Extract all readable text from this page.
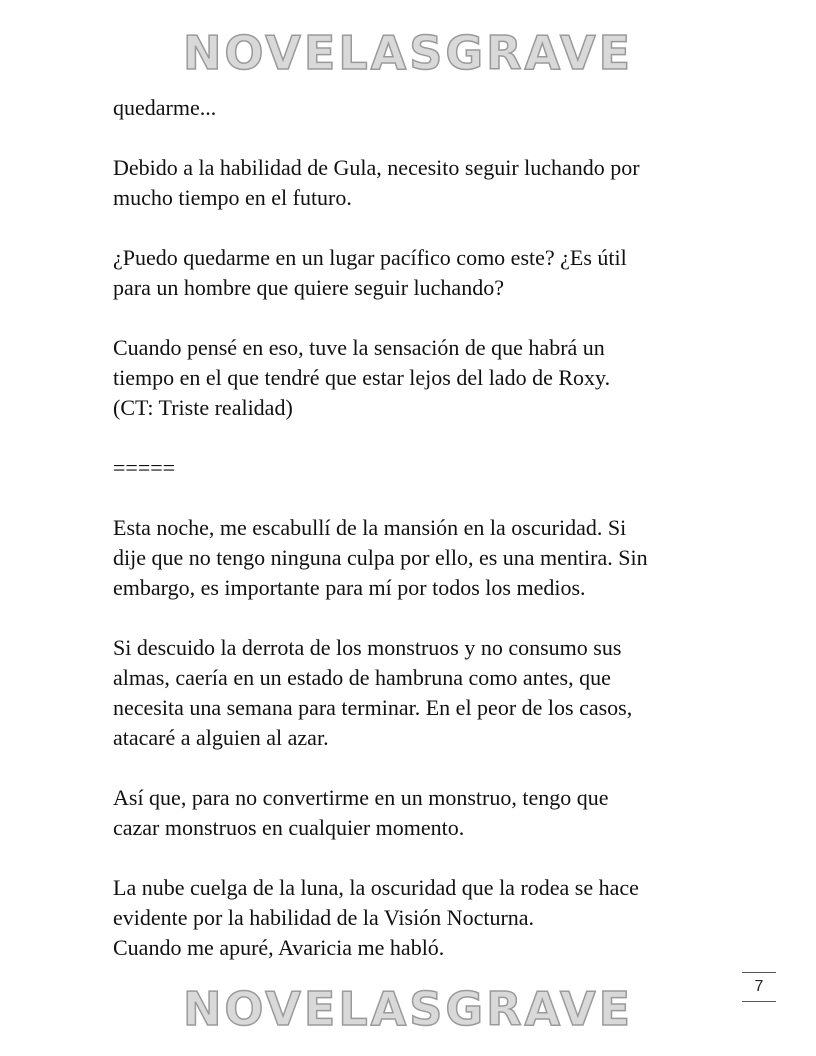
NOVELASGRAVE

quedarme...

Debido a la habilidad de Gula, necesito seguir luchando por
mucho tiempo en el futuro.

¿Puedo quedarme en un lugar pacífico como este? ¿Es útil
para un hombre que quiere seguir luchando?

Cuando pensé en eso, tuve la sensación de que habrá un
tiempo en el que tendré que estar lejos del lado de Roxy.
(CT: Triste realidad)

=====

Esta noche, me escabullí de la mansión en la oscuridad. Si
dije que no tengo ninguna culpa por ello, es una mentira. Sin
embargo, es importante para mí por todos los medios.

Si descuido la derrota de los monstruos y no consumo sus
almas, caería en un estado de hambruna como antes, que
necesita una semana para terminar. En el peor de los casos,
atacaré a alguien al azar.

Así que, para no convertirme en un monstruo, tengo que
cazar monstruos en cualquier momento.

La nube cuelga de la luna, la oscuridad que la rodea se hace
evidente por la habilidad de la Visión Nocturna.
Cuando me apuré, Avaricia me habló.

7
NOVELASGRAVE
